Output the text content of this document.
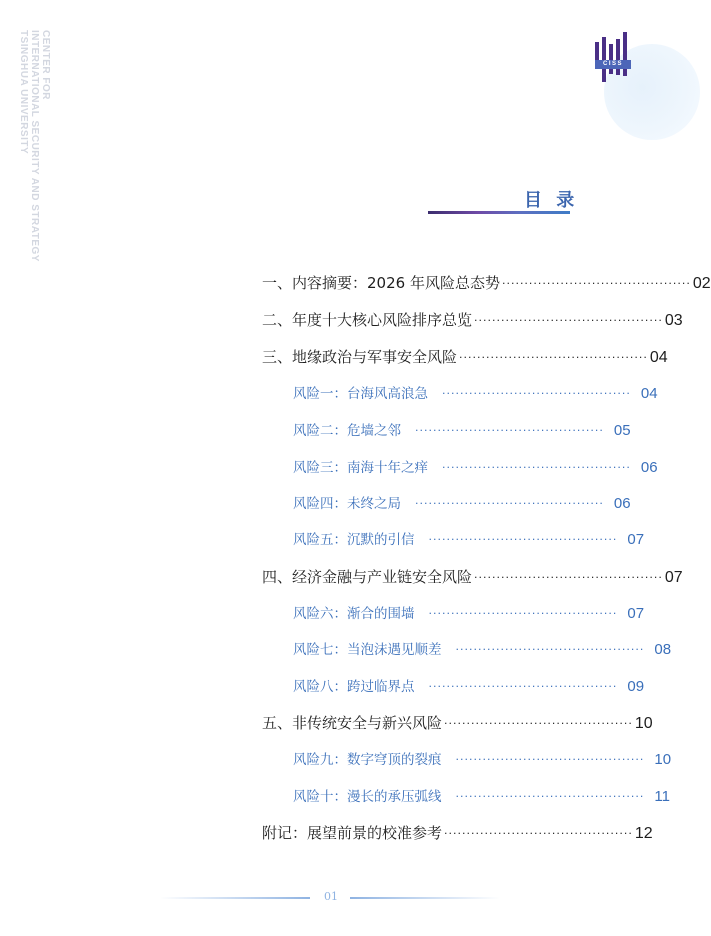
CENTER FOR
INTERNATIONAL SECURITY AND STRATEGY
TSINGHUA UNIVERSITY	CISS
目 录
一、内容摘要：2026 年风险总态势 ·········································· 02
二、年度十大核心风险排序总览 ·········································· 03
三、地缘政治与军事安全风险 ·········································· 04
风险一：台海风高浪急 ·········································· 04
风险二：危墙之邻 ·········································· 05
风险三：南海十年之痒 ·········································· 06
风险四：未终之局 ·········································· 06
风险五：沉默的引信 ·········································· 07
四、经济金融与产业链安全风险 ·········································· 07
风险六：渐合的围墙 ·········································· 07
风险七：当泡沫遇见顺差 ·········································· 08
风险八：跨过临界点 ·········································· 09
五、非传统安全与新兴风险 ·········································· 10
风险九：数字穹顶的裂痕 ·········································· 10
风险十：漫长的承压弧线 ·········································· 11
附记：展望前景的校准参考 ·········································· 12
01
